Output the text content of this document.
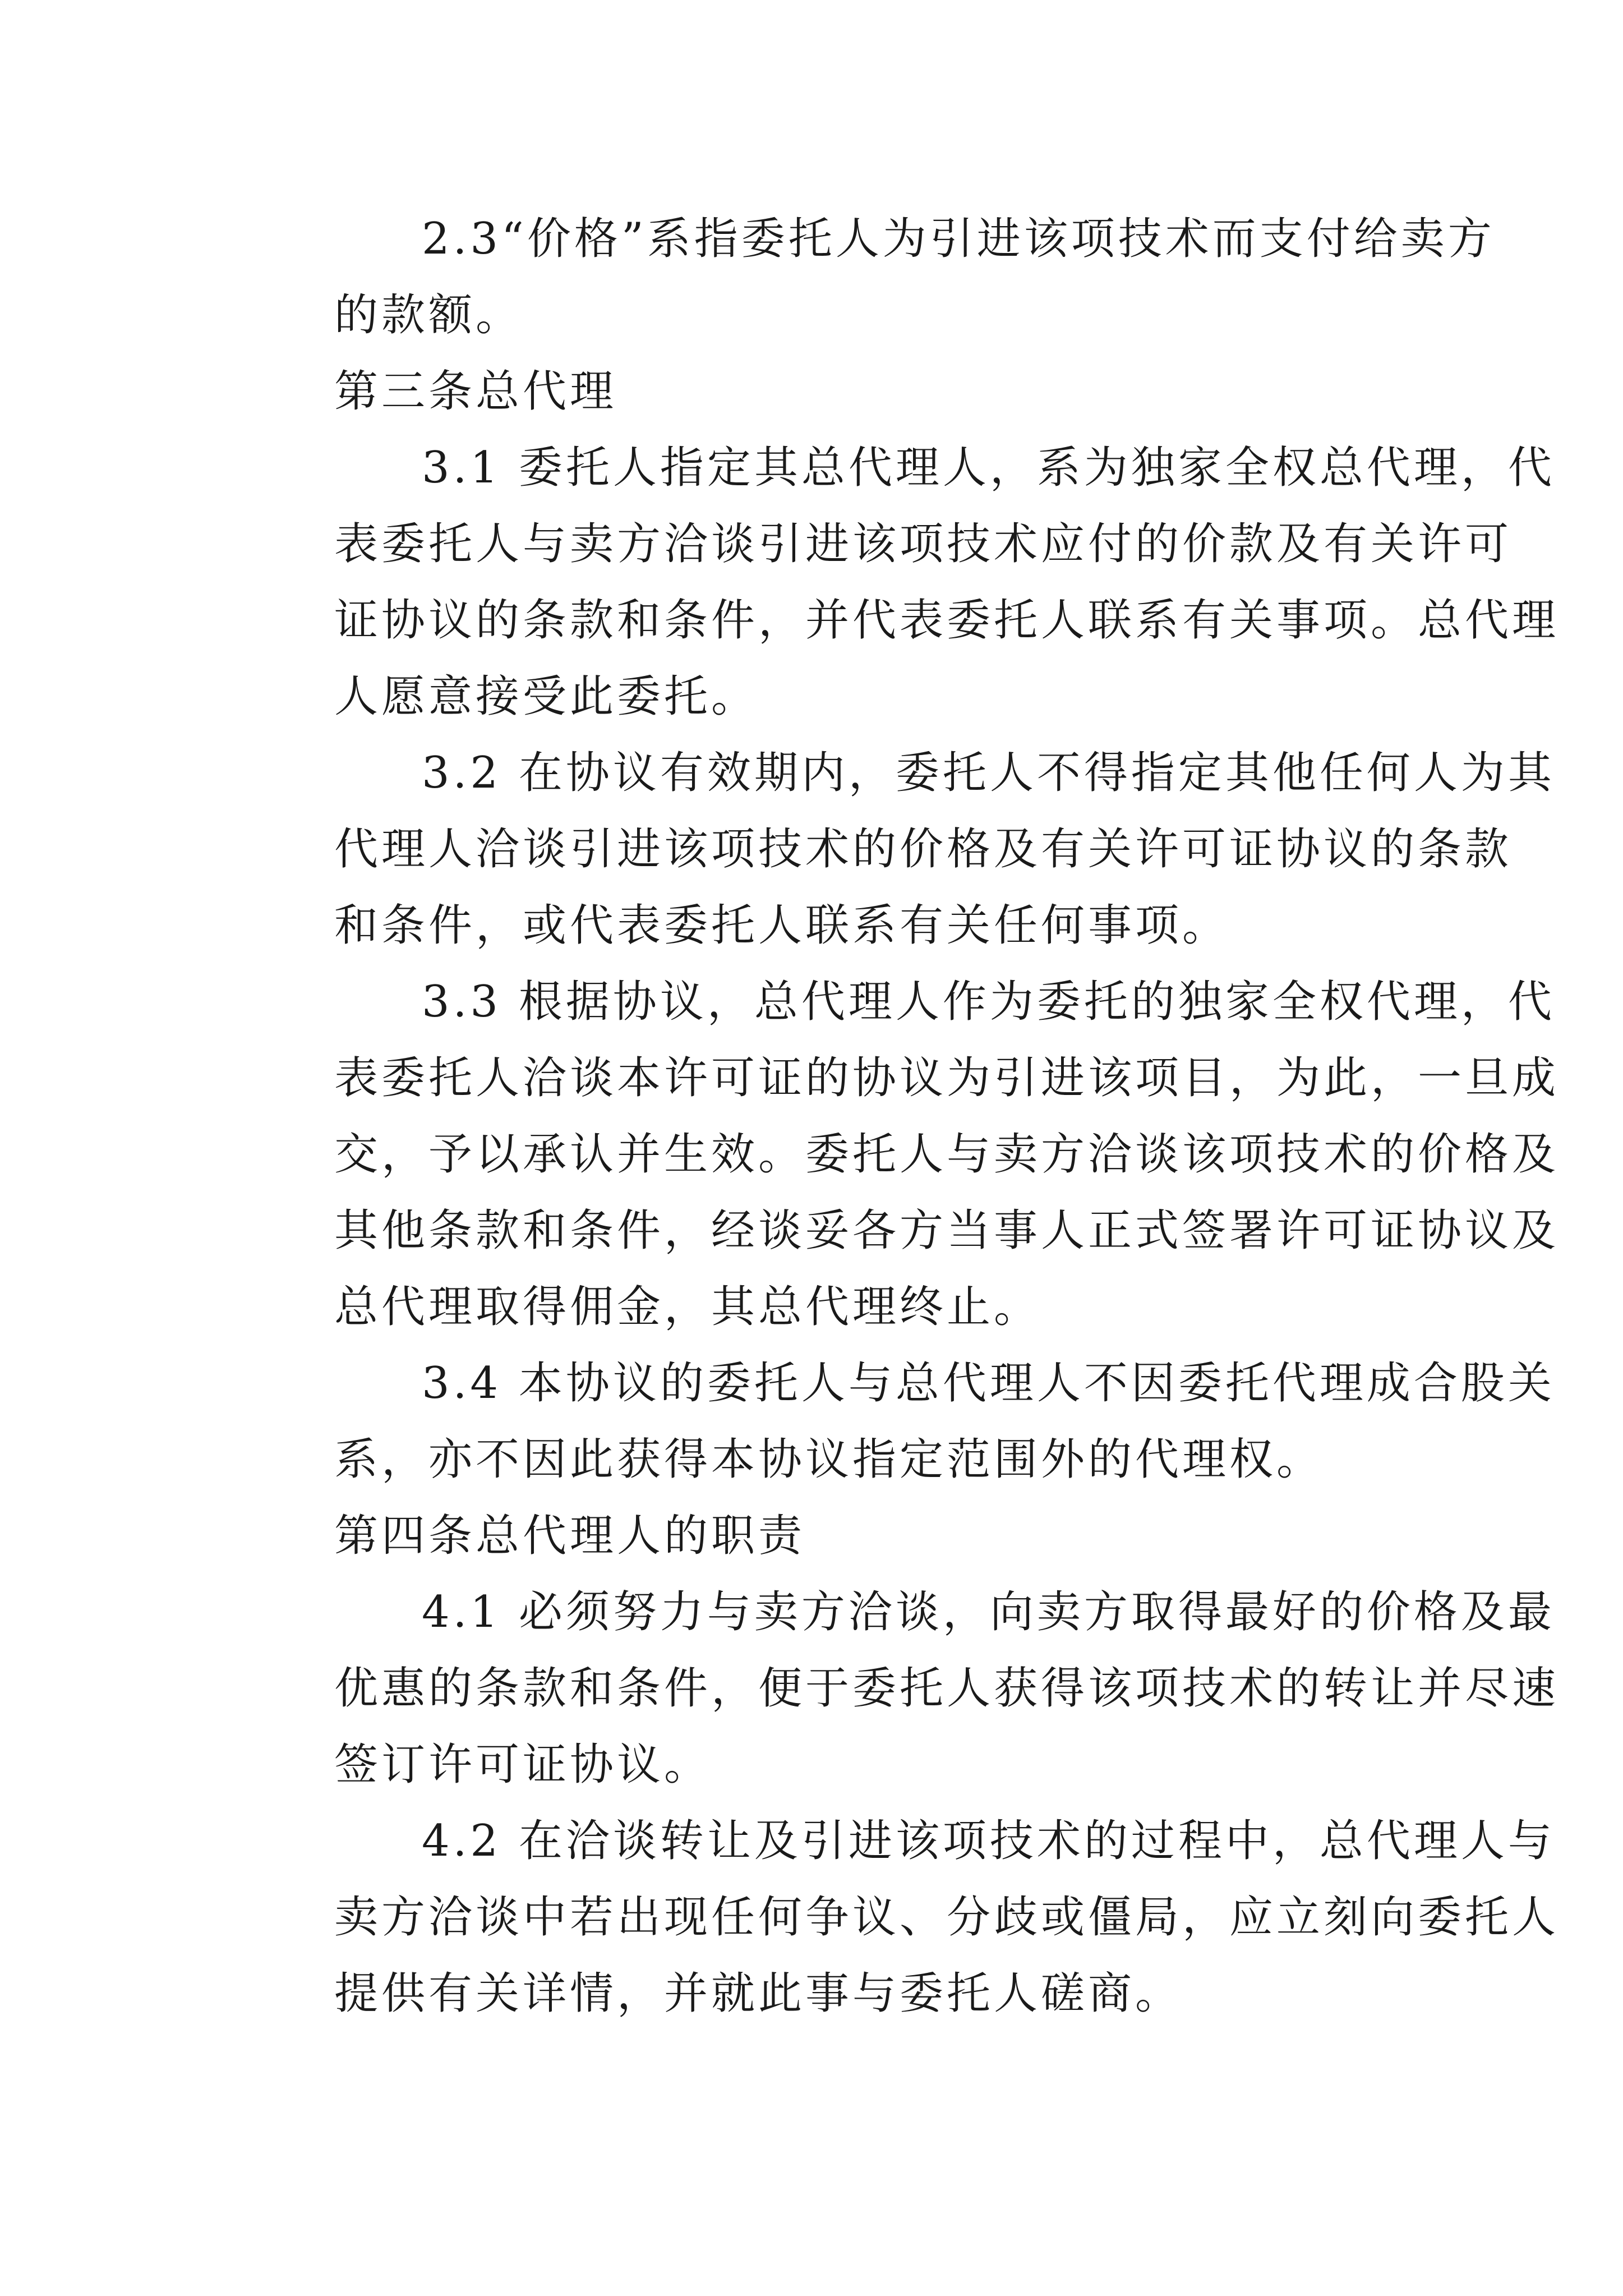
2.3“价格”系指委托人为引进该项技术而支付给卖方
的款额。
第三条总代理
3.1 委托人指定其总代理人，系为独家全权总代理，代
表委托人与卖方洽谈引进该项技术应付的价款及有关许可
证协议的条款和条件，并代表委托人联系有关事项。总代理
人愿意接受此委托。
3.2 在协议有效期内，委托人不得指定其他任何人为其
代理人洽谈引进该项技术的价格及有关许可证协议的条款
和条件，或代表委托人联系有关任何事项。
3.3 根据协议，总代理人作为委托的独家全权代理，代
表委托人洽谈本许可证的协议为引进该项目，为此，一旦成
交，予以承认并生效。委托人与卖方洽谈该项技术的价格及
其他条款和条件，经谈妥各方当事人正式签署许可证协议及
总代理取得佣金，其总代理终止。
3.4 本协议的委托人与总代理人不因委托代理成合股关
系，亦不因此获得本协议指定范围外的代理权。
第四条总代理人的职责
4.1 必须努力与卖方洽谈，向卖方取得最好的价格及最
优惠的条款和条件，便于委托人获得该项技术的转让并尽速
签订许可证协议。
4.2 在洽谈转让及引进该项技术的过程中，总代理人与
卖方洽谈中若出现任何争议、分歧或僵局，应立刻向委托人
提供有关详情，并就此事与委托人磋商。
